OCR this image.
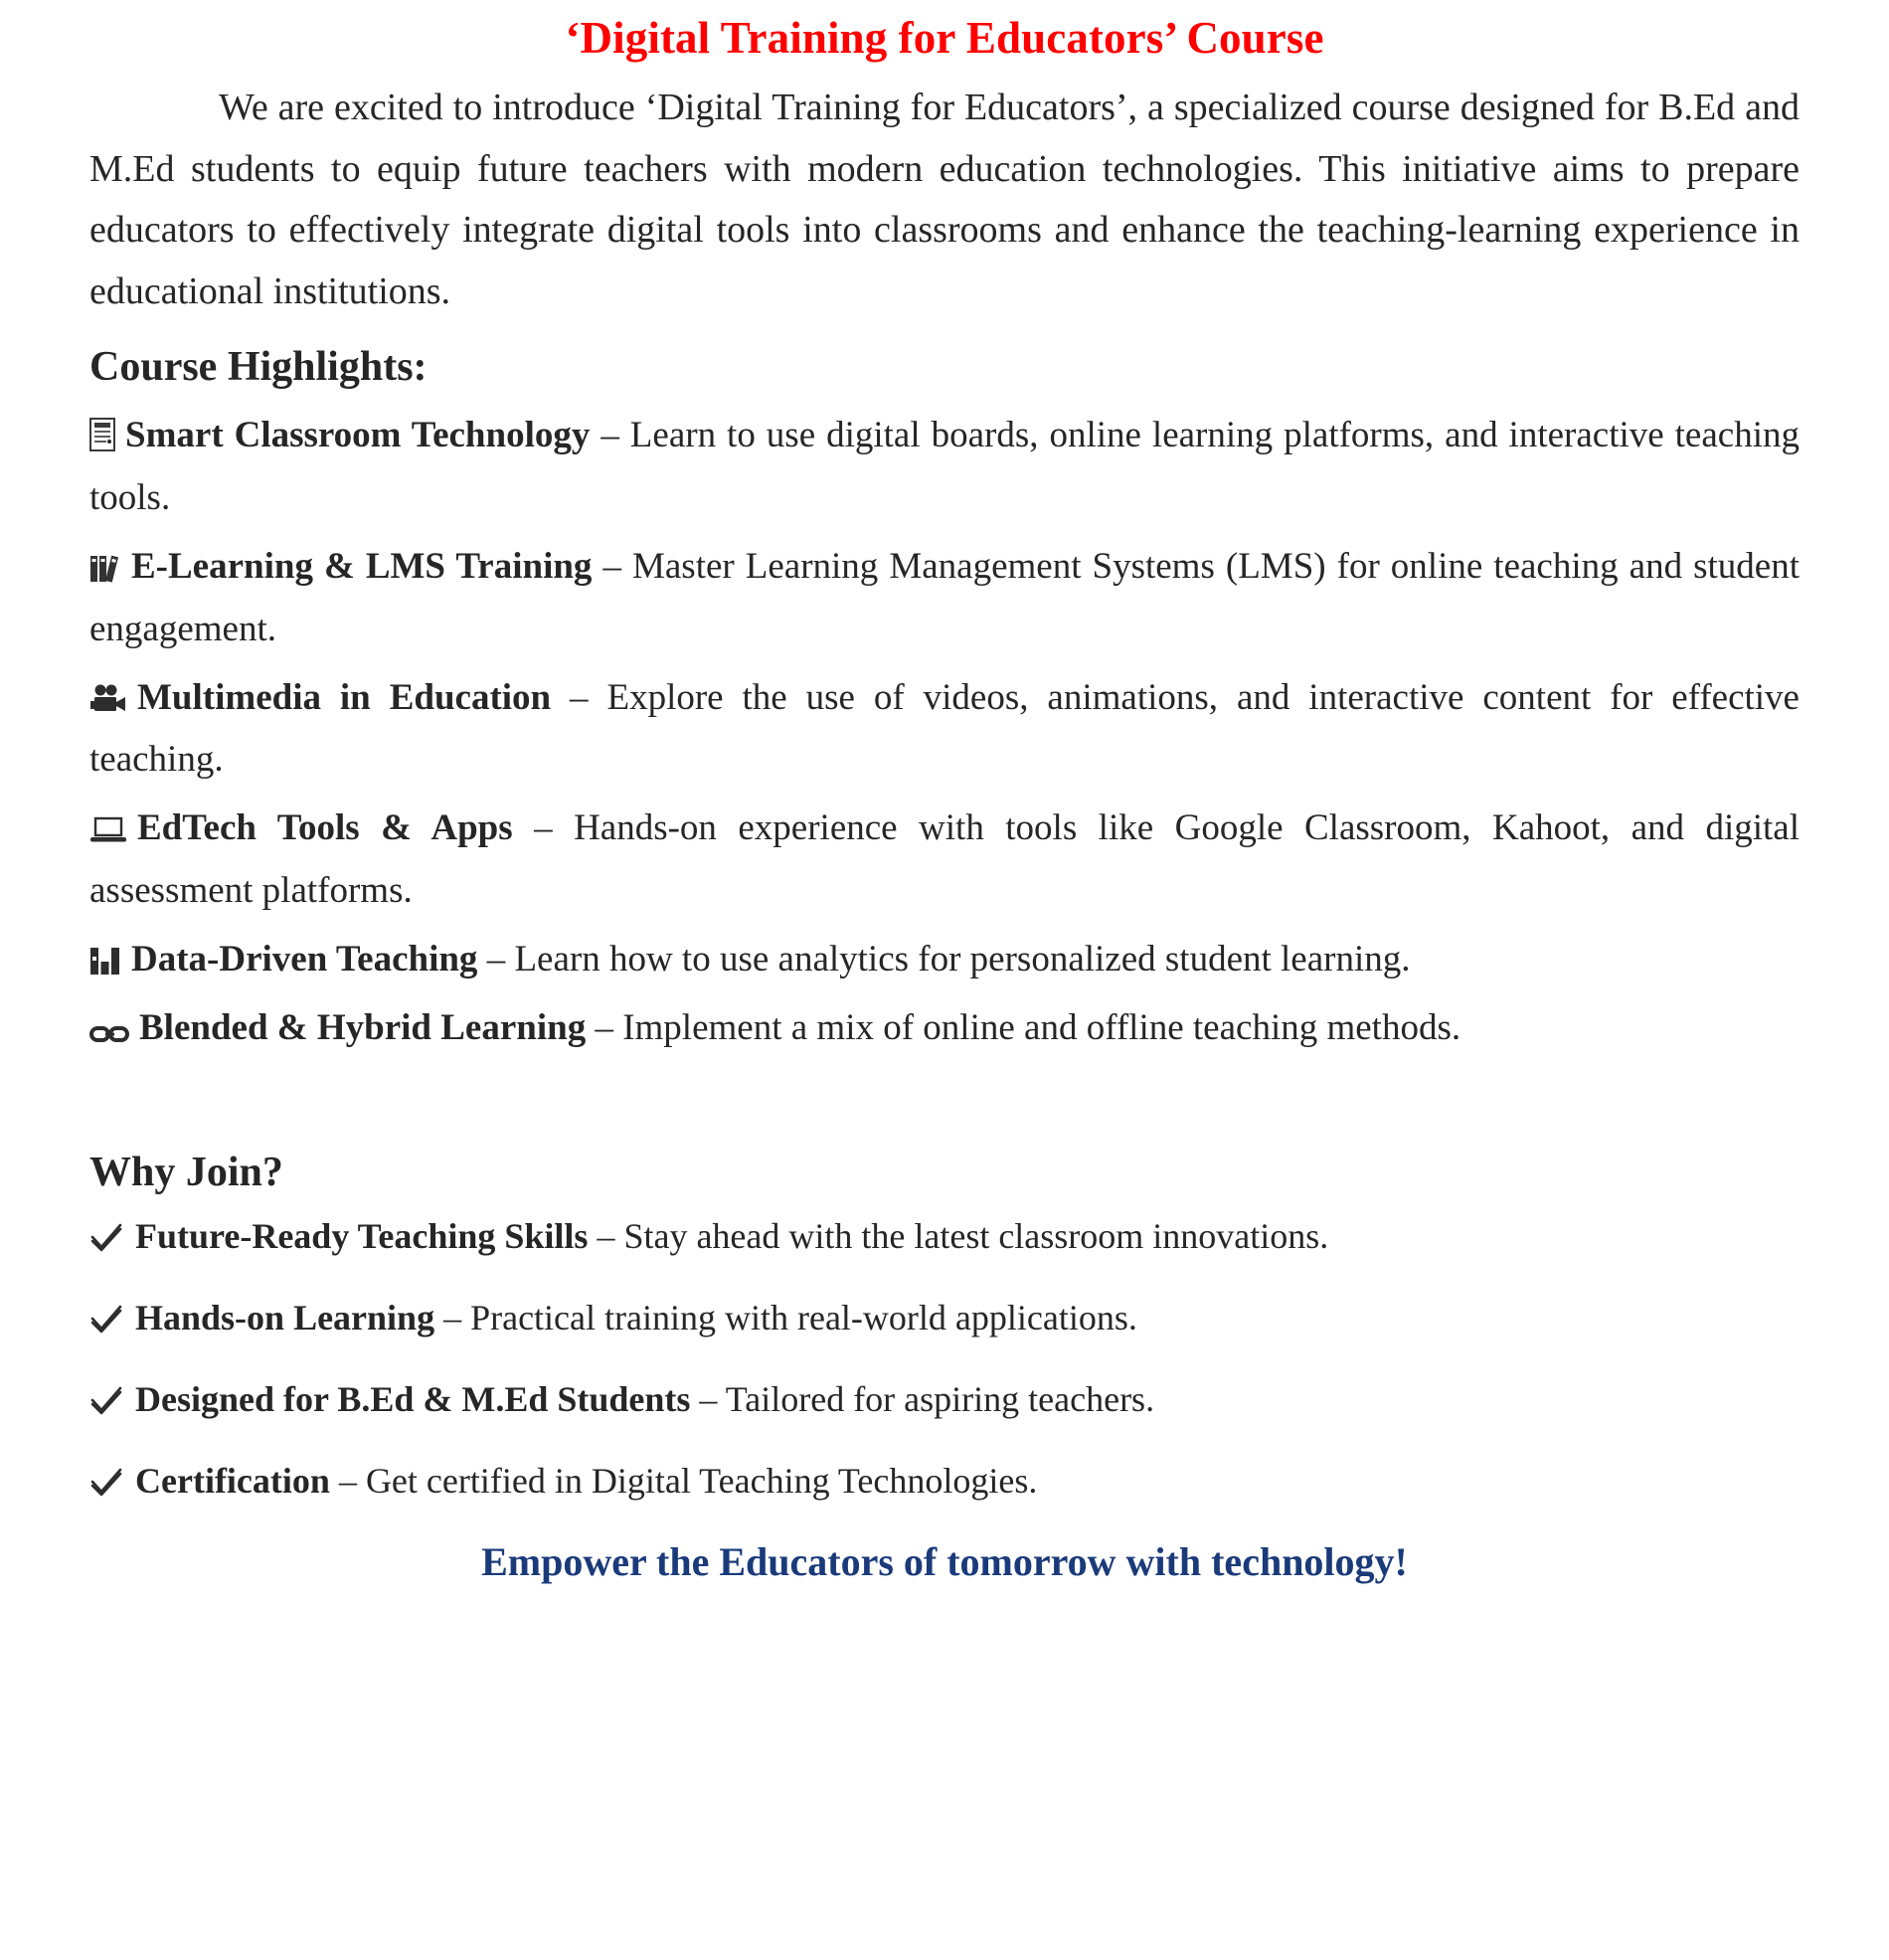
‘Digital Training for Educators’ Course

We are excited to introduce ‘Digital Training for Educators’, a specialized course designed for B.Ed and M.Ed students to equip future teachers with modern education technologies. This initiative aims to prepare educators to effectively integrate digital tools into classrooms and enhance the teaching-learning experience in educational institutions.

Course Highlights:

Smart Classroom Technology – Learn to use digital boards, online learning platforms, and interactive teaching tools.

E-Learning & LMS Training – Master Learning Management Systems (LMS) for online teaching and student engagement.

Multimedia in Education – Explore the use of videos, animations, and interactive content for effective teaching.

EdTech Tools & Apps – Hands-on experience with tools like Google Classroom, Kahoot, and digital assessment platforms.

Data-Driven Teaching – Learn how to use analytics for personalized student learning.

Blended & Hybrid Learning – Implement a mix of online and offline teaching methods.

Why Join?

Future-Ready Teaching Skills – Stay ahead with the latest classroom innovations.

Hands-on Learning – Practical training with real-world applications.

Designed for B.Ed & M.Ed Students – Tailored for aspiring teachers.

Certification – Get certified in Digital Teaching Technologies.

Empower the Educators of tomorrow with technology!
